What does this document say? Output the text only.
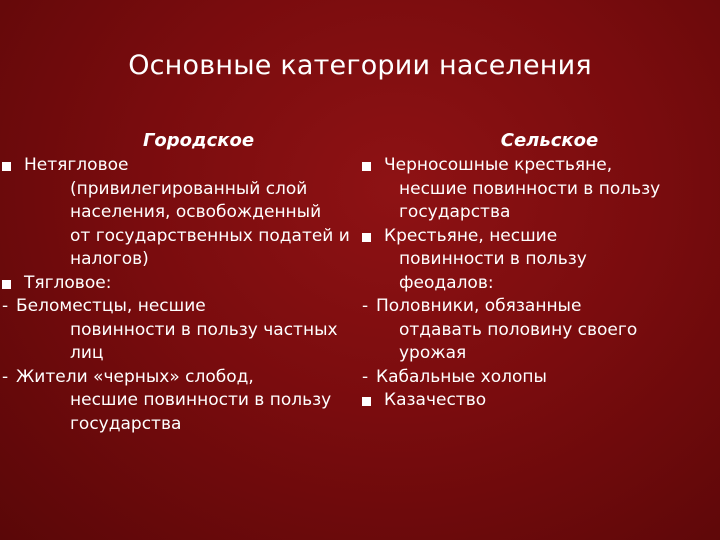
Основные категории населения
Городское
Нетягловое
(привилегированный слой
населения, освобожденный
от государственных податей и
налогов)
Тягловое:
- Беломестцы, несшие
повинности в пользу частных
лиц
- Жители «черных» слобод,
несшие повинности в пользу
государства
Сельское
Черносошные крестьяне,
несшие повинности в пользу
государства
Крестьяне, несшие
повинности в пользу
феодалов:
- Половники, обязанные
отдавать половину своего
урожая
- Кабальные холопы
Казачество
